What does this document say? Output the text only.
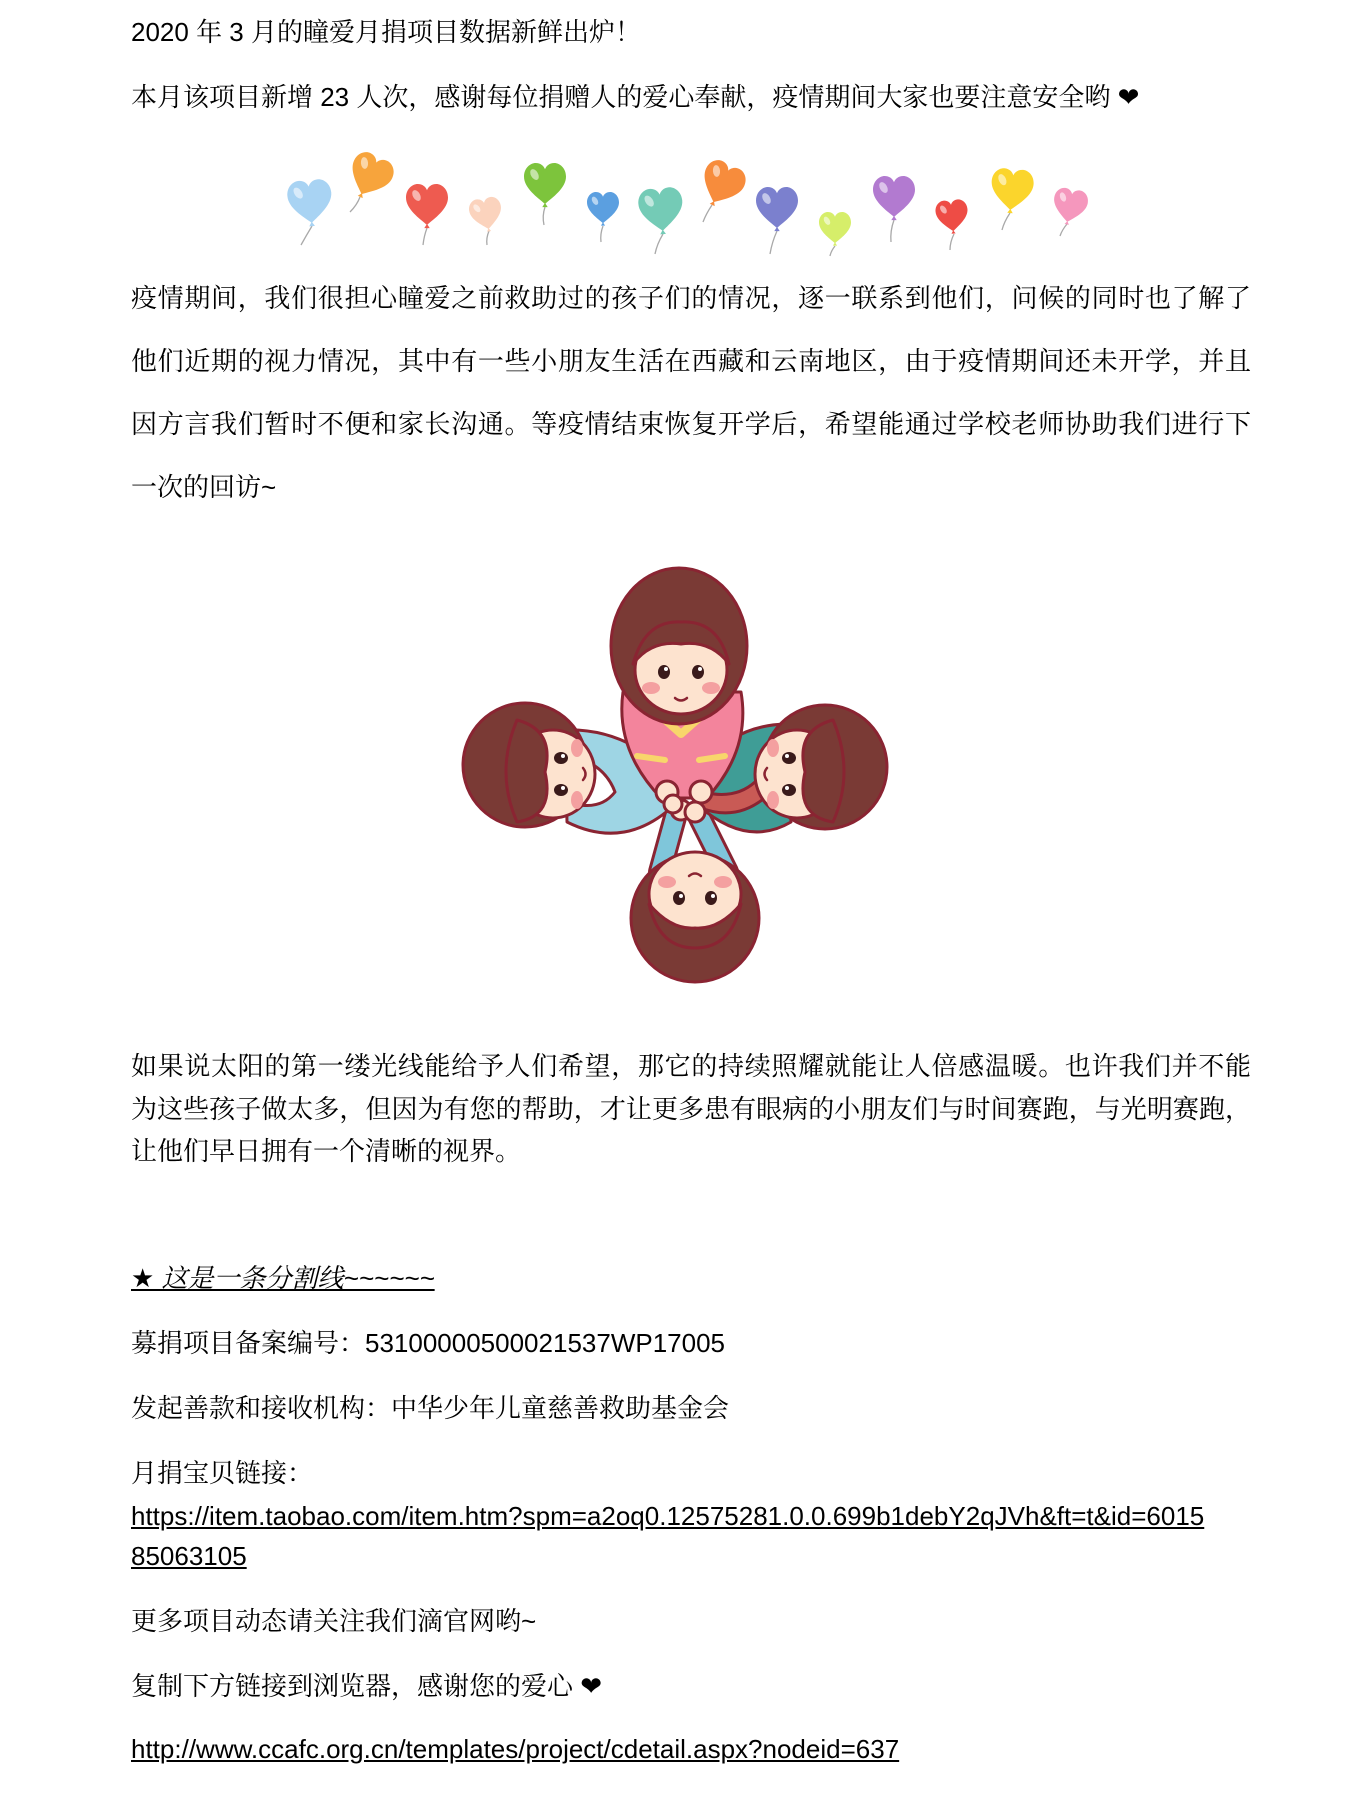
2020 年 3 月的瞳爱月捐项目数据新鲜出炉！
本月该项目新增 23 人次，感谢每位捐赠人的爱心奉献，疫情期间大家也要注意安全哟 ❤
疫情期间，我们很担心瞳爱之前救助过的孩子们的情况，逐一联系到他们，问候的同时也了解了
他们近期的视力情况，其中有一些小朋友生活在西藏和云南地区，由于疫情期间还未开学，并且
因方言我们暂时不便和家长沟通。等疫情结束恢复开学后，希望能通过学校老师协助我们进行下
一次的回访~
如果说太阳的第一缕光线能给予人们希望，那它的持续照耀就能让人倍感温暖。也许我们并不能
为这些孩子做太多，但因为有您的帮助，才让更多患有眼病的小朋友们与时间赛跑，与光明赛跑，
让他们早日拥有一个清晰的视界。
★ 这是一条分割线~~~~~~
募捐项目备案编号：53100000500021537WP17005
发起善款和接收机构：中华少年儿童慈善救助基金会
月捐宝贝链接：
https://item.taobao.com/item.htm?spm=a2oq0.12575281.0.0.699b1debY2qJVh&ft=t&id=601585063105
更多项目动态请关注我们滴官网哟~
复制下方链接到浏览器，感谢您的爱心 ❤
http://www.ccafc.org.cn/templates/project/cdetail.aspx?nodeid=637
